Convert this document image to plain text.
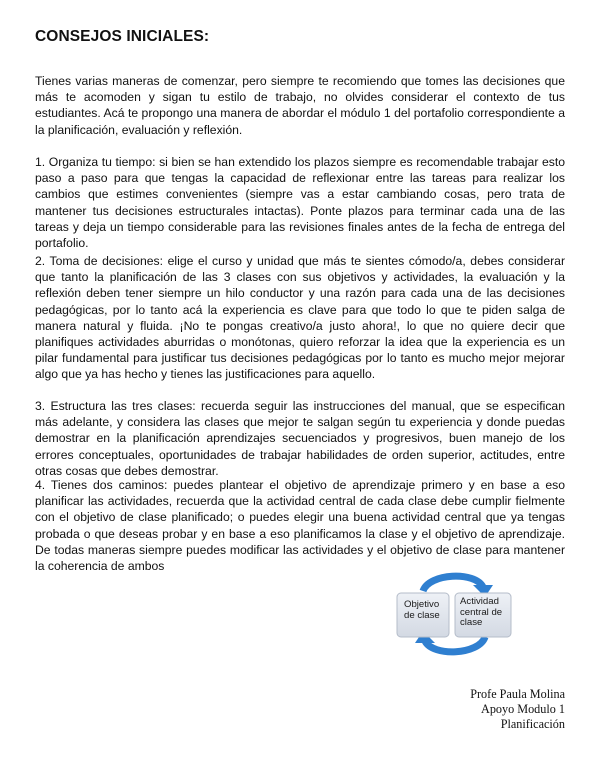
CONSEJOS INICIALES:

Tienes varias maneras de comenzar, pero siempre te recomiendo que tomes las decisiones que más te acomoden y sigan tu estilo de trabajo, no olvides considerar el contexto de tus estudiantes. Acá te propongo una manera de abordar el módulo 1 del portafolio correspondiente a la planificación, evaluación y reflexión.

1. Organiza tu tiempo: si bien se han extendido los plazos siempre es recomendable trabajar esto paso a paso para que tengas la capacidad de reflexionar entre las tareas para realizar los cambios que estimes convenientes (siempre vas a estar cambiando cosas, pero trata de mantener tus decisiones estructurales intactas). Ponte plazos para terminar cada una de las tareas y deja un tiempo considerable para las revisiones finales antes de la fecha de entrega del portafolio.

2. Toma de decisiones: elige el curso y unidad que más te sientes cómodo/a, debes considerar que tanto la planificación de las 3 clases con sus objetivos y actividades, la evaluación y la reflexión deben tener siempre un hilo conductor y una razón para cada una de las decisiones pedagógicas, por lo tanto acá la experiencia es clave para que todo lo que te piden salga de manera natural y fluida. ¡No te pongas creativo/a justo ahora!, lo que no quiere decir que planifiques actividades aburridas o monótonas, quiero reforzar la idea que la experiencia es un pilar fundamental para justificar tus decisiones pedagógicas por lo tanto es mucho mejor mejorar algo que ya has hecho y tienes las justificaciones para aquello.

3. Estructura las tres clases: recuerda seguir las instrucciones del manual, que se especifican más adelante, y considera las clases que mejor te salgan según tu experiencia y donde puedas demostrar en la planificación aprendizajes secuenciados y progresivos, buen manejo de los errores conceptuales, oportunidades de trabajar habilidades de orden superior, actitudes, entre otras cosas que debes demostrar.

4. Tienes dos caminos: puedes plantear el objetivo de aprendizaje primero y en base a eso planificar las actividades, recuerda que la actividad central de cada clase debe cumplir fielmente con el objetivo de clase planificado; o puedes elegir una buena actividad central que ya tengas probada o que deseas probar y en base a eso planificamos la clase y el objetivo de aprendizaje. De todas maneras siempre puedes modificar las actividades y el objetivo de clase para mantener la coherencia de ambos

Objetivo de clase
Actividad central de clase
Profe Paula Molina
Apoyo Modulo 1
Planificación
